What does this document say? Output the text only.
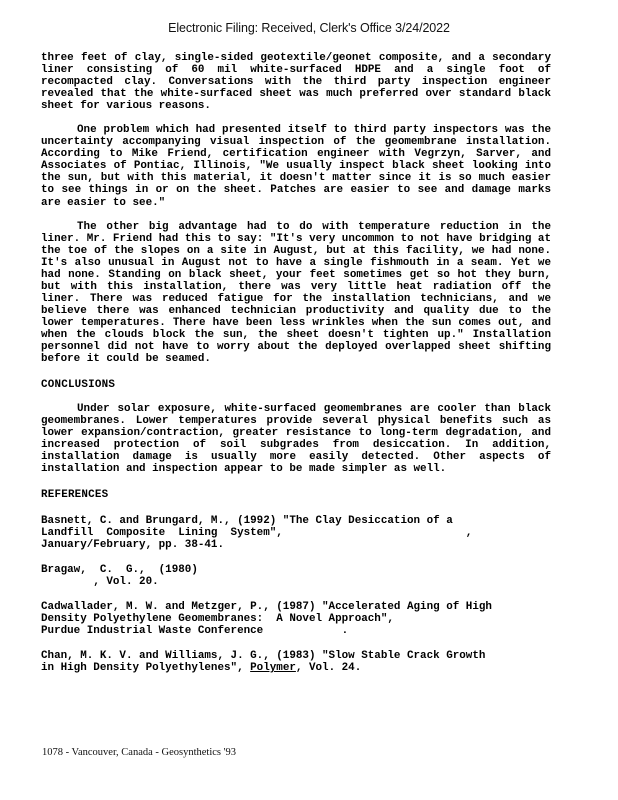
Electronic Filing: Received, Clerk's Office 3/24/2022

three feet of clay, single-sided geotextile/geonet composite, and a secondary liner consisting of 60 mil white-surfaced HDPE and a single foot of recompacted clay. Conversations with the third party inspection engineer revealed that the white-surfaced sheet was much preferred over standard black sheet for various reasons.

One problem which had presented itself to third party inspectors was the uncertainty accompanying visual inspection of the geomembrane installation. According to Mike Friend, certification engineer with Vegrzyn, Sarver, and Associates of Pontiac, Illinois, "We usually inspect black sheet looking into the sun, but with this material, it doesn't matter since it is so much easier to see things in or on the sheet. Patches are easier to see and damage marks are easier to see."

The other big advantage had to do with temperature reduction in the liner. Mr. Friend had this to say: "It's very uncommon to not have bridging at the toe of the slopes on a site in August, but at this facility, we had none. It's also unusual in August not to have a single fishmouth in a seam. Yet we had none. Standing on black sheet, your feet sometimes get so hot they burn, but with this installation, there was very little heat radiation off the liner. There was reduced fatigue for the installation technicians, and we believe there was enhanced technician productivity and quality due to the lower temperatures. There have been less wrinkles when the sun comes out, and when the clouds block the sun, the sheet doesn't tighten up." Installation personnel did not have to worry about the deployed overlapped sheet shifting before it could be seamed.

CONCLUSIONS

Under solar exposure, white-surfaced geomembranes are cooler than black geomembranes. Lower temperatures provide several physical benefits such as lower expansion/contraction, greater resistance to long-term degradation, and increased protection of soil subgrades from desiccation. In addition, installation damage is usually more easily detected. Other aspects of installation and inspection appear to be made simpler as well.

REFERENCES

Basnett, C. and Brungard, M., (1992) "The Clay Desiccation of a
Landfill  Composite  Lining  System",                            ,
January/February, pp. 38-41.

Bragaw,  C.  G.,  (1980)
, Vol. 20.

Cadwallader, M. W. and Metzger, P., (1987) "Accelerated Aging of High
Density Polyethylene Geomembranes:  A Novel Approach",
Purdue Industrial Waste Conference            .

Chan, M. K. V. and Williams, J. G., (1983) "Slow Stable Crack Growth
in High Density Polyethylenes", Polymer, Vol. 24.

1078 - Vancouver, Canada - Geosynthetics '93
